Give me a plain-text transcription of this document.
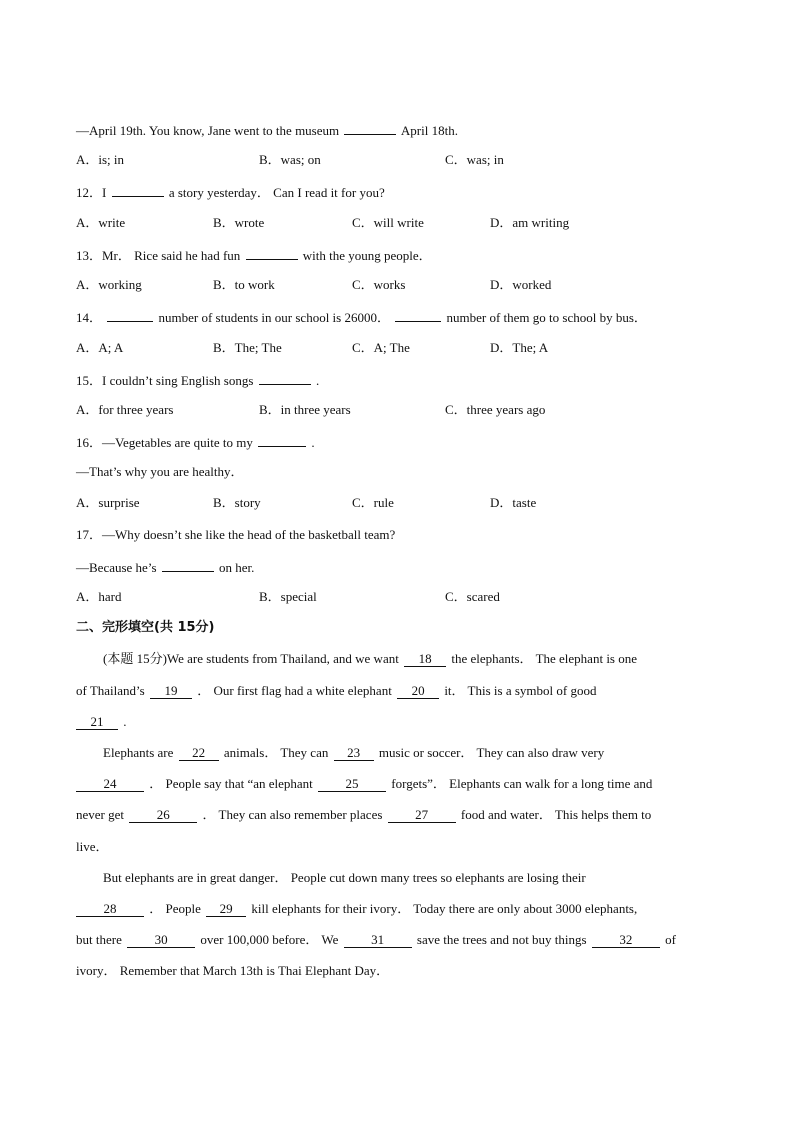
—April 19th. You know, Jane went to the museum	April 18th.
A．is; in	B．was; on	C．was; in
12．I	a story yesterday． Can I read it for you?
A．write	B．wrote	C．will write	D．am writing
13．Mr． Rice said he had fun	with the young people．
A．working	B．to work	C．works	D．worked
14．	number of students in our school is 26000．	number of them go to school by bus．
A．A; A	B．The; The	C．A; The	D．The; A
15．I couldn’t sing English songs	.
A．for three years	B．in three years	C．three years ago
16．—Vegetables are quite to my	.
—That’s why you are healthy．
A．surprise	B．story	C．rule	D．taste
17．—Why doesn’t she like the head of the basketball team?
—Because he’s	on her.
A．hard	B．special	C．scared
二、完形填空(共 15分)
(本题 15分)We are students from Thailand, and we want 18 the elephants． The elephant is one
of Thailand’s 19 ． Our first flag had a white elephant 20 it． This is a symbol of good
21 .
Elephants are 22 animals． They can 23 music or soccer． They can also draw very
24	． People say that “an elephant	25	forgets”． Elephants can walk for a long time and
never get	26	． They can also remember places	27	food and water． This helps them to
live．
But elephants are in great danger． People cut down many trees so elephants are losing their
28	． People 29 kill elephants for their ivory． Today there are only about 3000 elephants,
but there	30	over 100,000 before． We	31	save the trees and not buy things	32	of
ivory． Remember that March 13th is Thai Elephant Day．
